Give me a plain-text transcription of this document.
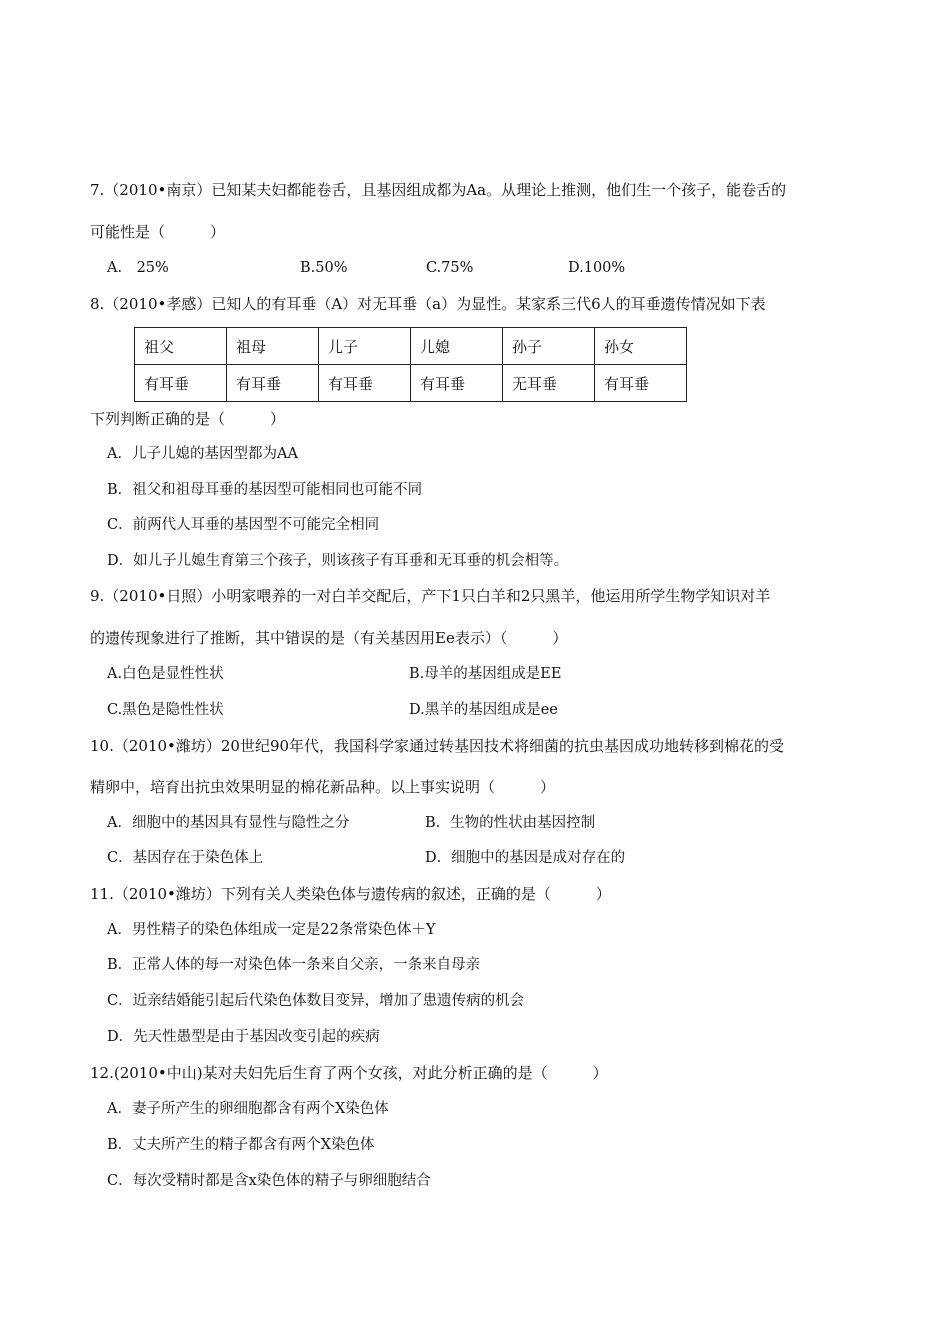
7.（2010•南京）已知某夫妇都能卷舌，且基因组成都为Aa。从理论上推测，他们生一个孩子，能卷舌的
可能性是（　　　）
A.　25%	B.50%	C.75%	D.100%
8.（2010•孝感）已知人的有耳垂（A）对无耳垂（a）为显性。某家系三代6人的耳垂遗传情况如下表
祖父	祖母	儿子	儿媳	孙子	孙女
有耳垂	有耳垂	有耳垂	有耳垂	无耳垂	有耳垂
下列判断正确的是（　　　）
A．儿子儿媳的基因型都为AA
B．祖父和祖母耳垂的基因型可能相同也可能不同
C．前两代人耳垂的基因型不可能完全相同
D．如儿子儿媳生育第三个孩子，则该孩子有耳垂和无耳垂的机会相等。
9.（2010•日照）小明家喂养的一对白羊交配后，产下1只白羊和2只黑羊，他运用所学生物学知识对羊
的遗传现象进行了推断，其中错误的是（有关基因用Ee表示）（　　　）
A.白色是显性性状	B.母羊的基因组成是EE
C.黑色是隐性性状	D.黑羊的基因组成是ee
10.（2010•潍坊）20世纪90年代，我国科学家通过转基因技术将细菌的抗虫基因成功地转移到棉花的受
精卵中，培育出抗虫效果明显的棉花新品种。以上事实说明（　　　）
A．细胞中的基因具有显性与隐性之分	B．生物的性状由基因控制
C．基因存在于染色体上	D．细胞中的基因是成对存在的
11.（2010•潍坊）下列有关人类染色体与遗传病的叙述，正确的是（　　　）
A．男性精子的染色体组成一定是22条常染色体＋Y
B．正常人体的每一对染色体一条来自父亲，一条来自母亲
C．近亲结婚能引起后代染色体数目变异，增加了患遗传病的机会
D．先天性愚型是由于基因改变引起的疾病
12.(2010•中山)某对夫妇先后生育了两个女孩，对此分析正确的是（　　　）
A．妻子所产生的卵细胞都含有两个X染色体
B．丈夫所产生的精子都含有两个X染色体
C．每次受精时都是含x染色体的精子与卵细胞结合
